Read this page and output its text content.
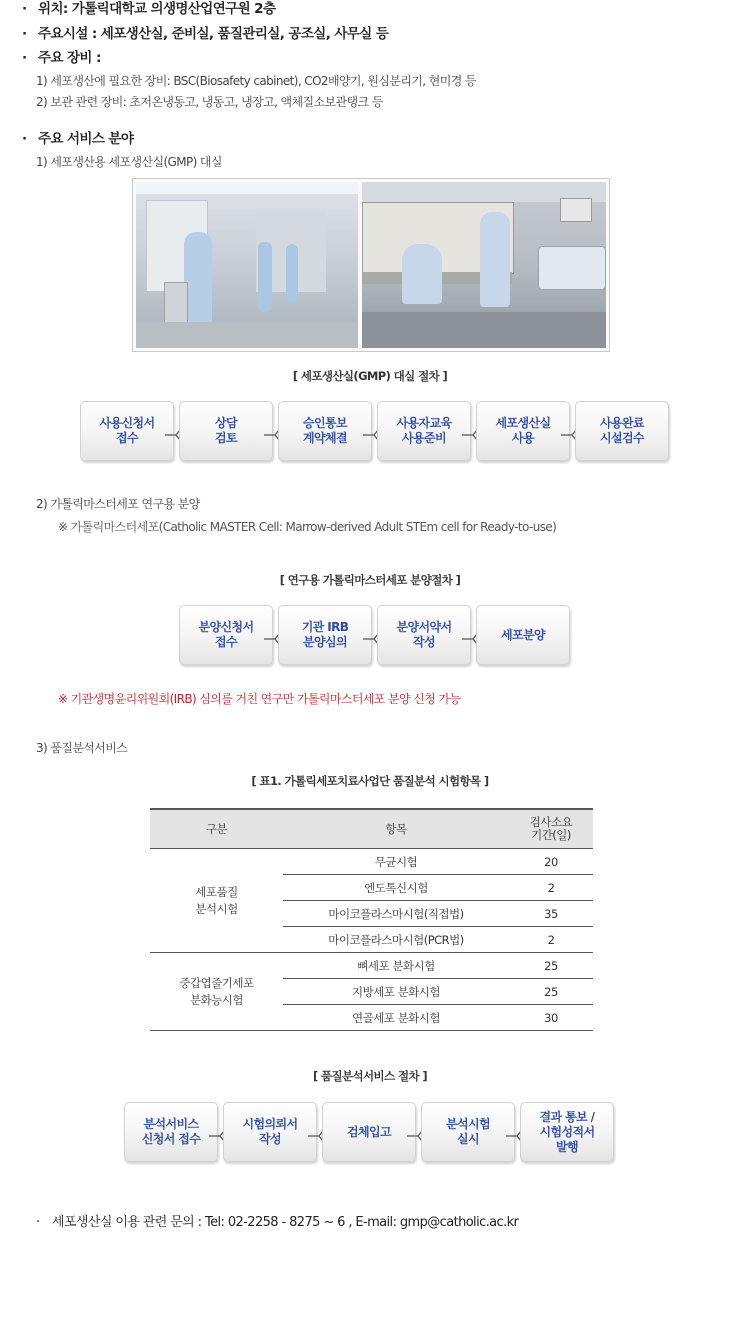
· 위치: 가톨릭대학교 의생명산업연구원 2층
· 주요시설 : 세포생산실, 준비실, 품질관리실, 공조실, 사무실 등
· 주요 장비 :
1) 세포생산에 필요한 장비: BSC(Biosafety cabinet), CO2배양기, 원심분리기, 현미경 등
2) 보관 관련 장비: 초저온냉동고, 냉동고, 냉장고, 액체질소보관탱크 등
· 주요 서비스 분야
1) 세포생산용 세포생산실(GMP) 대실
[ 세포생산실(GMP) 대실 절차 ]
사용신청서
접수
상담
검토
승인통보
계약체결
사용자교육
사용준비
세포생산실
사용
사용완료
시설검수
2) 가톨릭마스터세포 연구용 분양
※ 가톨릭마스터세포(Catholic MASTER Cell: Marrow-derived Adult STEm cell for Ready-to-use)
[ 연구용 가톨릭마스터세포 분양절차 ]
분양신청서
접수
기관 IRB
분양심의
분양서약서
작성
세포분양
※ 기관생명윤리위원회(IRB) 심의를 거친 연구만 가톨릭마스터세포 분양 신청 가능
3) 품질분석서비스
[ 표1. 가톨릭세포치료사업단 품질분석 시험항목 ]
구분	항목	검사소요
기간(일)
세포품질
분석시험	무균시험	20
	엔도톡신시험	2
	마이코플라스마시험(직접법)	35
	마이코플라스마시험(PCR법)	2
중갑엽줄기세포
분화능시험	뼈세포 분화시험	25
	지방세포 분화시험	25
	연골세포 분화시험	30
[ 품질분석서비스 절차 ]
분석서비스
신청서 접수
시험의뢰서
작성
검체입고
분석시험
실시
결과 통보 /
시험성적서
발행
· 세포생산실 이용 관련 문의 : Tel: 02-2258 - 8275 ~ 6 , E-mail: gmp@catholic.ac.kr
